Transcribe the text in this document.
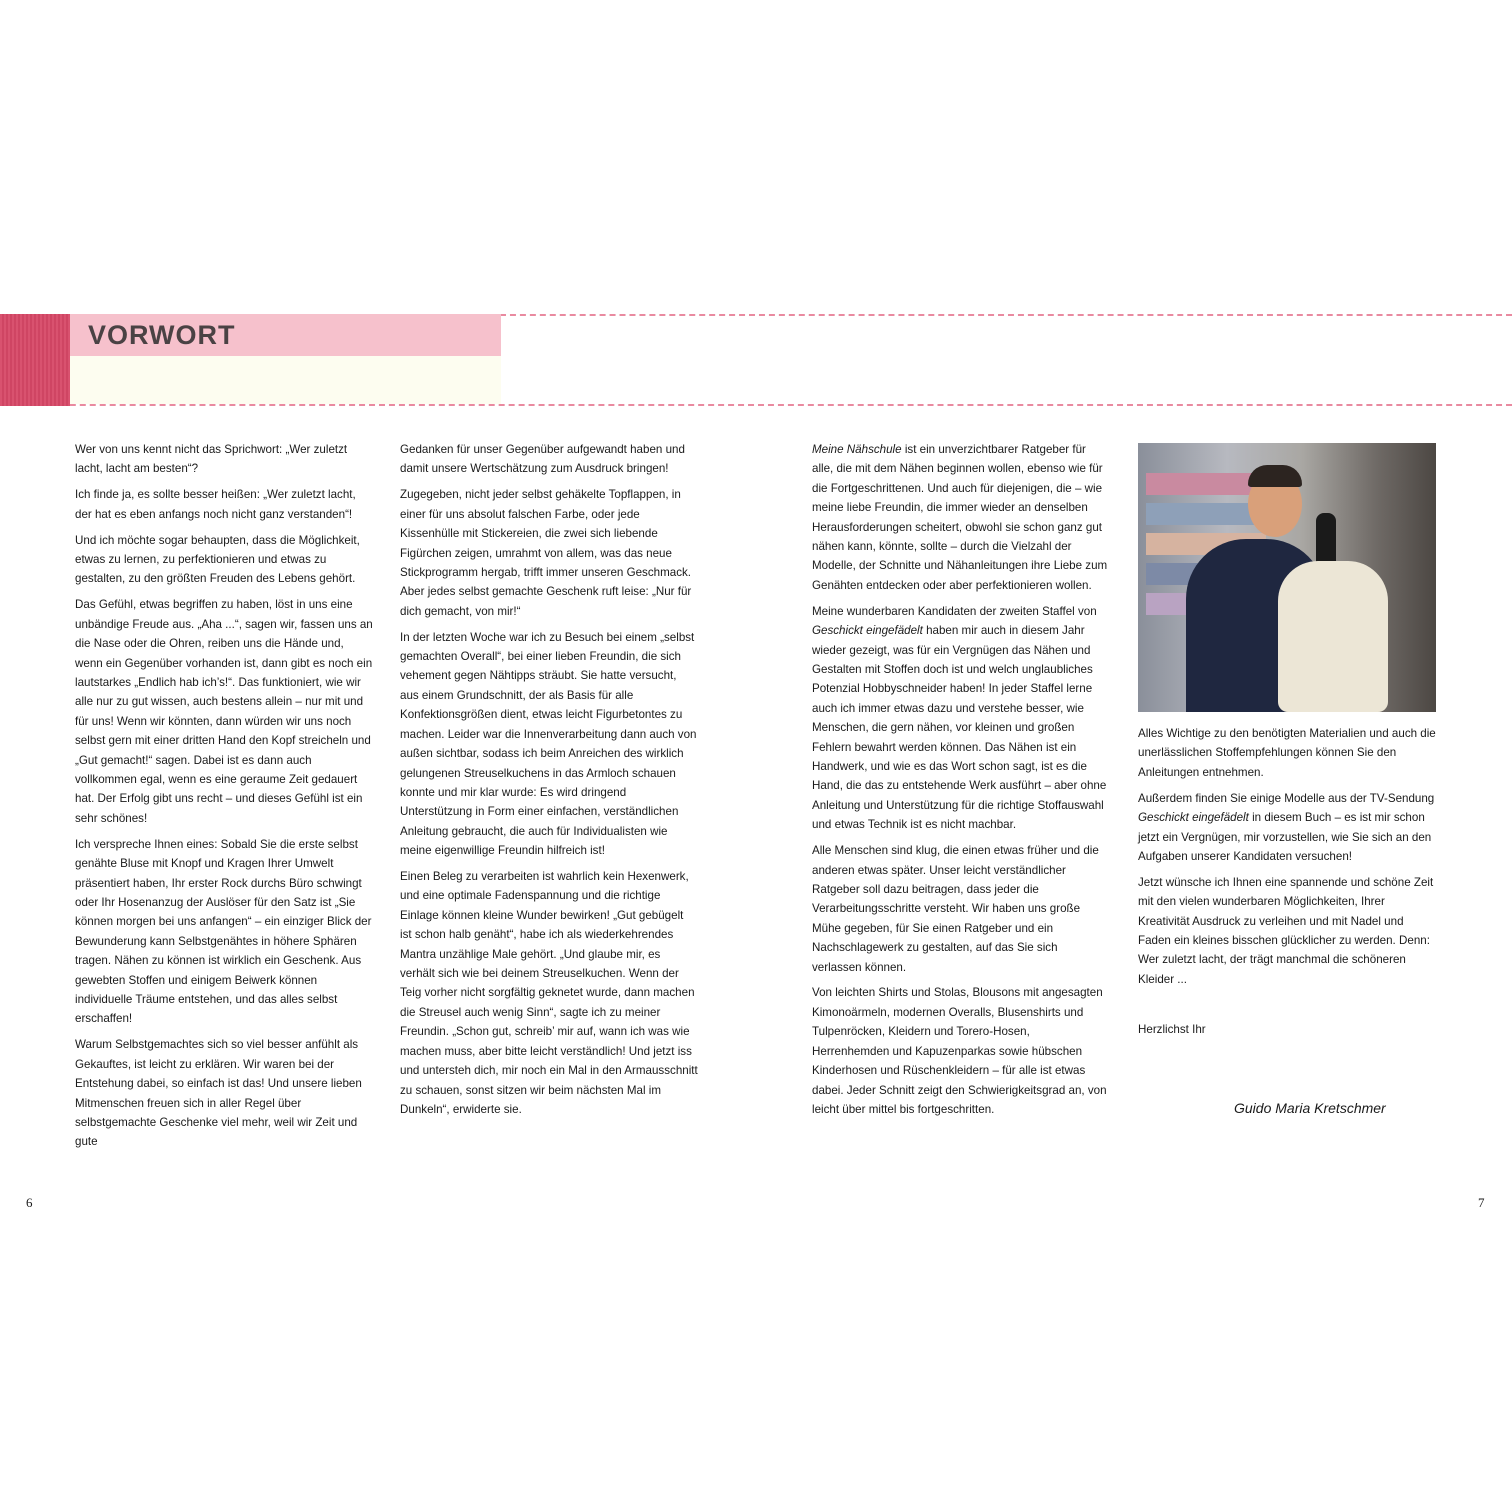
VORWORT

Wer von uns kennt nicht das Sprichwort: „Wer zuletzt lacht, lacht am besten“?

Ich finde ja, es sollte besser heißen: „Wer zuletzt lacht, der hat es eben anfangs noch nicht ganz verstanden“!

Und ich möchte sogar behaupten, dass die Möglichkeit, etwas zu lernen, zu perfektionieren und etwas zu gestalten, zu den größten Freuden des Lebens gehört.

Das Gefühl, etwas begriffen zu haben, löst in uns eine unbändige Freude aus. „Aha ...“, sagen wir, fassen uns an die Nase oder die Ohren, reiben uns die Hände und, wenn ein Gegenüber vorhanden ist, dann gibt es noch ein lautstarkes „Endlich hab ich’s!“. Das funktioniert, wie wir alle nur zu gut wissen, auch bestens allein – nur mit und für uns! Wenn wir könnten, dann würden wir uns noch selbst gern mit einer dritten Hand den Kopf streicheln und „Gut gemacht!“ sagen. Dabei ist es dann auch vollkommen egal, wenn es eine geraume Zeit gedauert hat. Der Erfolg gibt uns recht – und dieses Gefühl ist ein sehr schönes!

Ich verspreche Ihnen eines: Sobald Sie die erste selbst genähte Bluse mit Knopf und Kragen Ihrer Umwelt präsentiert haben, Ihr erster Rock durchs Büro schwingt oder Ihr Hosenanzug der Auslöser für den Satz ist „Sie können morgen bei uns anfangen“ – ein einziger Blick der Bewunderung kann Selbstgenähtes in höhere Sphären tragen. Nähen zu können ist wirklich ein Geschenk. Aus gewebten Stoffen und einigem Beiwerk können individuelle Träume entstehen, und das alles selbst erschaffen!

Warum Selbstgemachtes sich so viel besser anfühlt als Gekauftes, ist leicht zu erklären. Wir waren bei der Entstehung dabei, so einfach ist das! Und unsere lieben Mitmenschen freuen sich in aller Regel über selbstgemachte Geschenke viel mehr, weil wir Zeit und gute

Gedanken für unser Gegenüber aufgewandt haben und damit unsere Wertschätzung zum Ausdruck bringen!

Zugegeben, nicht jeder selbst gehäkelte Topflappen, in einer für uns absolut falschen Farbe, oder jede Kissenhülle mit Stickereien, die zwei sich liebende Figürchen zeigen, umrahmt von allem, was das neue Stickprogramm hergab, trifft immer unseren Geschmack. Aber jedes selbst gemachte Geschenk ruft leise: „Nur für dich gemacht, von mir!“

In der letzten Woche war ich zu Besuch bei einem „selbst gemachten Overall“, bei einer lieben Freundin, die sich vehement gegen Nähtipps sträubt. Sie hatte versucht, aus einem Grundschnitt, der als Basis für alle Konfektionsgrößen dient, etwas leicht Figurbetontes zu machen. Leider war die Innenverarbeitung dann auch von außen sichtbar, sodass ich beim Anreichen des wirklich gelungenen Streuselkuchens in das Armloch schauen konnte und mir klar wurde: Es wird dringend Unterstützung in Form einer einfachen, verständlichen Anleitung gebraucht, die auch für Individualisten wie meine eigenwillige Freundin hilfreich ist!

Einen Beleg zu verarbeiten ist wahrlich kein Hexenwerk, und eine optimale Fadenspannung und die richtige Einlage können kleine Wunder bewirken! „Gut gebügelt ist schon halb genäht“, habe ich als wiederkehrendes Mantra unzählige Male gehört. „Und glaube mir, es verhält sich wie bei deinem Streuselkuchen. Wenn der Teig vorher nicht sorgfältig geknetet wurde, dann machen die Streusel auch wenig Sinn“, sagte ich zu meiner Freundin. „Schon gut, schreib’ mir auf, wann ich was wie machen muss, aber bitte leicht verständlich! Und jetzt iss und untersteh dich, mir noch ein Mal in den Armausschnitt zu schauen, sonst sitzen wir beim nächsten Mal im Dunkeln“, erwiderte sie.

Meine Nähschule ist ein unverzichtbarer Ratgeber für alle, die mit dem Nähen beginnen wollen, ebenso wie für die Fortgeschrittenen. Und auch für diejenigen, die – wie meine liebe Freundin, die immer wieder an denselben Herausforderungen scheitert, obwohl sie schon ganz gut nähen kann, könnte, sollte – durch die Vielzahl der Modelle, der Schnitte und Nähanleitungen ihre Liebe zum Genähten entdecken oder aber perfektionieren wollen.

Meine wunderbaren Kandidaten der zweiten Staffel von Geschickt eingefädelt haben mir auch in diesem Jahr wieder gezeigt, was für ein Vergnügen das Nähen und Gestalten mit Stoffen doch ist und welch unglaubliches Potenzial Hobbyschneider haben! In jeder Staffel lerne auch ich immer etwas dazu und verstehe besser, wie Menschen, die gern nähen, vor kleinen und großen Fehlern bewahrt werden können. Das Nähen ist ein Handwerk, und wie es das Wort schon sagt, ist es die Hand, die das zu entstehende Werk ausführt – aber ohne Anleitung und Unterstützung für die richtige Stoffauswahl und etwas Technik ist es nicht machbar.

Alle Menschen sind klug, die einen etwas früher und die anderen etwas später. Unser leicht verständlicher Ratgeber soll dazu beitragen, dass jeder die Verarbeitungsschritte versteht. Wir haben uns große Mühe gegeben, für Sie einen Ratgeber und ein Nachschlagewerk zu gestalten, auf das Sie sich verlassen können.

Von leichten Shirts und Stolas, Blousons mit angesagten Kimonoärmeln, modernen Overalls, Blusenshirts und Tulpenröcken, Kleidern und Torero-Hosen, Herrenhemden und Kapuzenparkas sowie hübschen Kinderhosen und Rüschenkleidern – für alle ist etwas dabei. Jeder Schnitt zeigt den Schwierigkeitsgrad an, von leicht über mittel bis fortgeschritten.

Alles Wichtige zu den benötigten Materialien und auch die unerlässlichen Stoffempfehlungen können Sie den Anleitungen entnehmen.

Außerdem finden Sie einige Modelle aus der TV-Sendung Geschickt eingefädelt in diesem Buch – es ist mir schon jetzt ein Vergnügen, mir vorzustellen, wie Sie sich an den Aufgaben unserer Kandidaten versuchen!

Jetzt wünsche ich Ihnen eine spannende und schöne Zeit mit den vielen wunderbaren Möglichkeiten, Ihrer Kreativität Ausdruck zu verleihen und mit Nadel und Faden ein kleines bisschen glücklicher zu werden. Denn: Wer zuletzt lacht, der trägt manchmal die schöneren Kleider ...

Herzlichst Ihr
Guido Maria Kretschmer
6	7
